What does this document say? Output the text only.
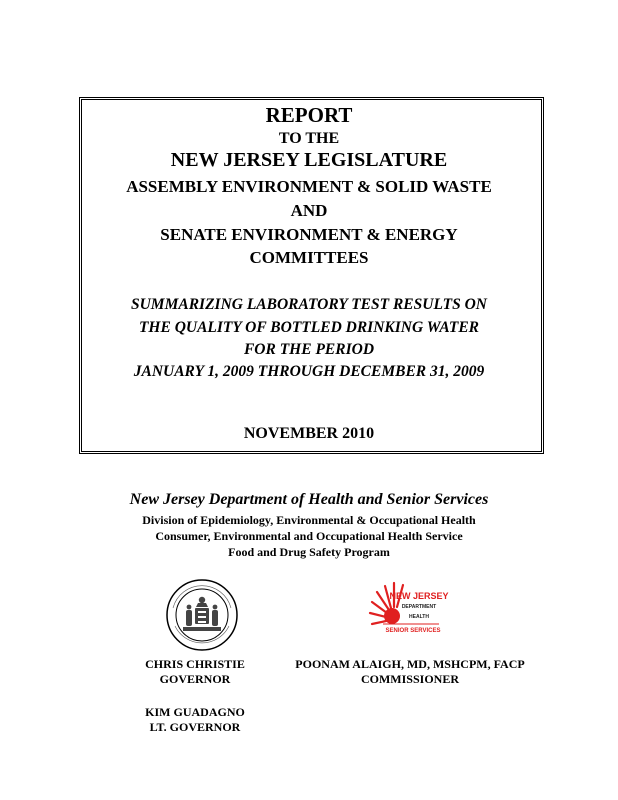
REPORT
TO THE
NEW JERSEY LEGISLATURE
ASSEMBLY ENVIRONMENT & SOLID WASTE
AND
SENATE ENVIRONMENT & ENERGY
COMMITTEES
SUMMARIZING LABORATORY TEST RESULTS ON
THE QUALITY OF BOTTLED DRINKING WATER
FOR THE PERIOD
JANUARY 1, 2009 THROUGH DECEMBER 31, 2009
NOVEMBER 2010
New Jersey Department of Health and Senior Services
Division of Epidemiology, Environmental & Occupational Health
Consumer, Environmental and Occupational Health Service
Food and Drug Safety Program
NEW JERSEY
DEPARTMENT
HEALTH
SENIOR SERVICES
CHRIS CHRISTIE
GOVERNOR
POONAM ALAIGH, MD, MSHCPM, FACP
COMMISSIONER
KIM GUADAGNO
LT. GOVERNOR
